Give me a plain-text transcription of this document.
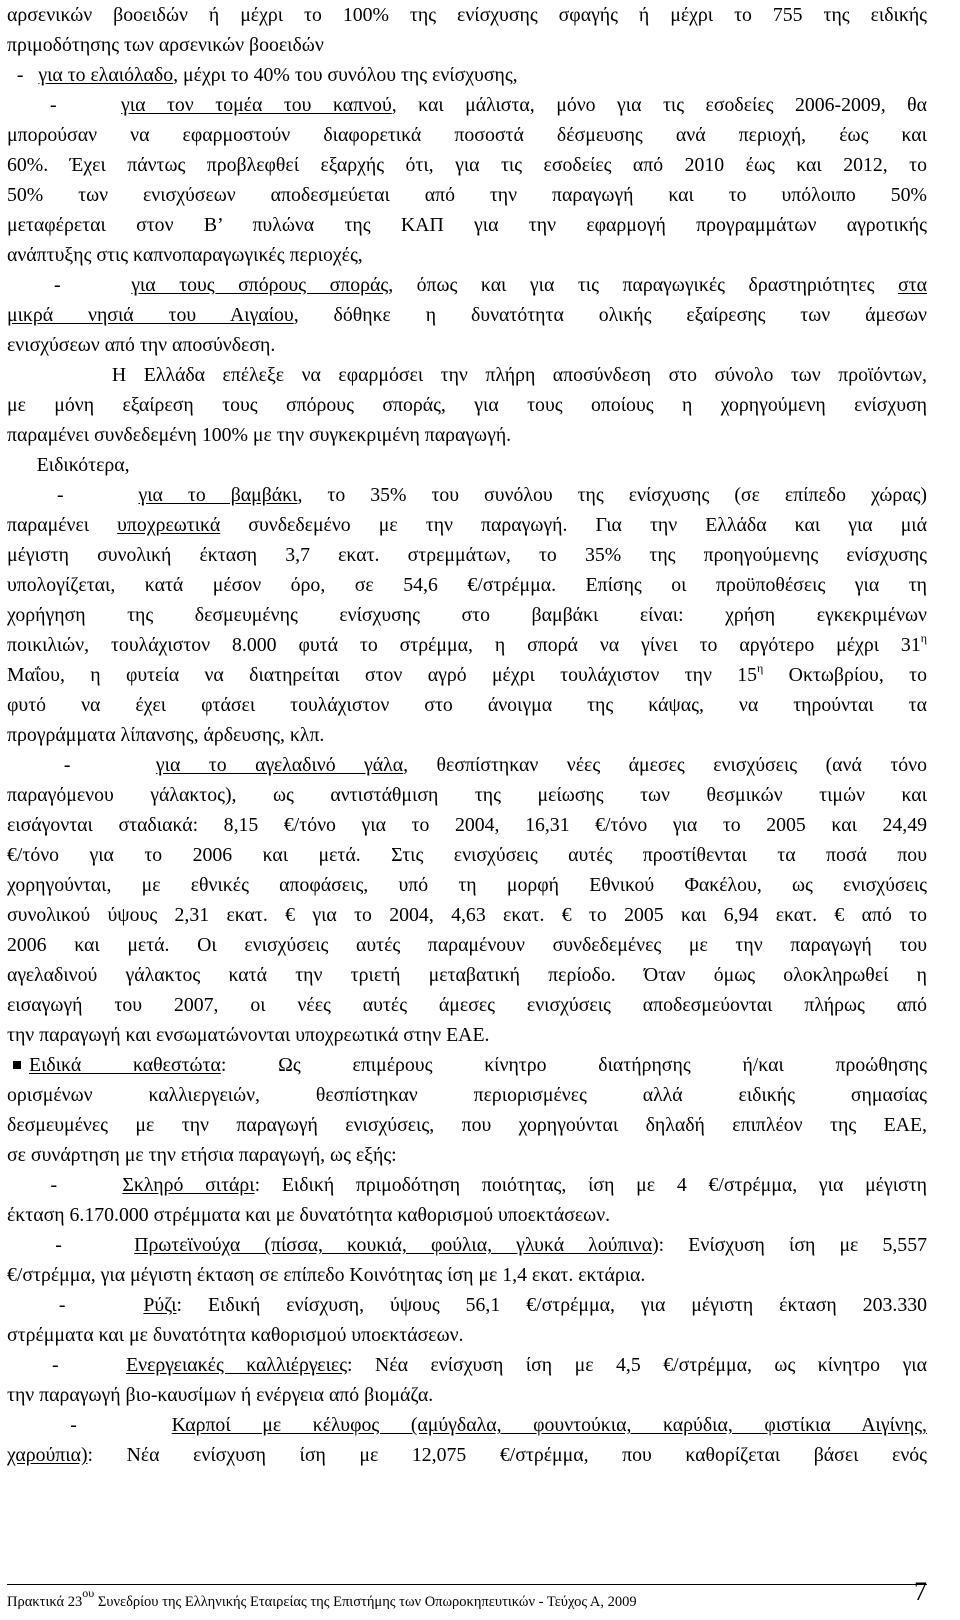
αρσενικών βοοειδών ή μέχρι το 100% της ενίσχυσης σφαγής ή μέχρι το 755 της ειδικής
πριμοδότησης των αρσενικών βοοειδών
-   για το ελαιόλαδο, μέχρι το 40% του συνόλου της ενίσχυσης,
-   για τον τομέα του καπνού, και μάλιστα, μόνο για τις εσοδείες 2006-2009, θα
μπορούσαν να εφαρμοστούν διαφορετικά ποσοστά δέσμευσης ανά περιοχή, έως και
60%. Έχει πάντως προβλεφθεί εξαρχής ότι, για τις εσοδείες από 2010 έως και 2012, το
50% των ενισχύσεων αποδεσμεύεται από την παραγωγή και το υπόλοιπο 50%
μεταφέρεται στον Β’ πυλώνα της ΚΑΠ για την εφαρμογή προγραμμάτων αγροτικής
ανάπτυξης στις καπνοπαραγωγικές περιοχές,
-   για τους σπόρους σποράς, όπως και για τις παραγωγικές δραστηριότητες στα
μικρά νησιά του Αιγαίου, δόθηκε η δυνατότητα ολικής εξαίρεσης των άμεσων
ενισχύσεων από την αποσύνδεση.
Η Ελλάδα επέλεξε να εφαρμόσει την πλήρη αποσύνδεση στο σύνολο των προϊόντων,
με μόνη εξαίρεση τους σπόρους σποράς, για τους οποίους η χορηγούμενη ενίσχυση
παραμένει συνδεδεμένη 100% με την συγκεκριμένη παραγωγή.
Ειδικότερα,
-   για το βαμβάκι, το 35% του συνόλου της ενίσχυσης (σε επίπεδο χώρας)
παραμένει υποχρεωτικά συνδεδεμένο με την παραγωγή. Για την Ελλάδα και για μιά
μέγιστη συνολική έκταση 3,7 εκατ. στρεμμάτων, το 35% της προηγούμενης ενίσχυσης
υπολογίζεται, κατά μέσον όρο, σε 54,6 €/στρέμμα. Επίσης οι προϋποθέσεις για τη
χορήγηση της δεσμευμένης ενίσχυσης στο βαμβάκι είναι: χρήση εγκεκριμένων
ποικιλιών, τουλάχιστον 8.000 φυτά το στρέμμα, η σπορά να γίνει το αργότερο μέχρι $31^\eta$
Μαΐου, η φυτεία να διατηρείται στον αγρό μέχρι τουλάχιστον την $15^\eta$ Οκτωβρίου, το
φυτό να έχει φτάσει τουλάχιστον στο άνοιγμα της κάψας, να τηρούνται τα
προγράμματα λίπανσης, άρδευσης, κλπ.
-   για το αγελαδινό γάλα, θεσπίστηκαν νέες άμεσες ενισχύσεις (ανά τόνο
παραγόμενου γάλακτος), ως αντιστάθμιση της μείωσης των θεσμικών τιμών και
εισάγονται σταδιακά: 8,15 €/τόνο για το 2004, 16,31 €/τόνο για το 2005 και 24,49
€/τόνο για το 2006 και μετά. Στις ενισχύσεις αυτές προστίθενται τα ποσά που
χορηγούνται, με εθνικές αποφάσεις, υπό τη μορφή Εθνικού Φακέλου, ως ενισχύσεις
συνολικού ύψους 2,31 εκατ. € για το 2004, 4,63 εκατ. € το 2005 και 6,94 εκατ. € από το
2006 και μετά. Οι ενισχύσεις αυτές παραμένουν συνδεδεμένες με την παραγωγή του
αγελαδινού γάλακτος κατά την τριετή μεταβατική περίοδο. Όταν όμως ολοκληρωθεί η
εισαγωγή του 2007, οι νέες αυτές άμεσες ενισχύσεις αποδεσμεύονται πλήρως από
την παραγωγή και ενσωματώνονται υποχρεωτικά στην ΕΑΕ.
Ειδικά καθεστώτα: Ως επιμέρους κίνητρο διατήρησης ή/και προώθησης
ορισμένων καλλιεργειών, θεσπίστηκαν περιορισμένες αλλά ειδικής σημασίας
δεσμευμένες με την παραγωγή ενισχύσεις, που χορηγούνται δηλαδή επιπλέον της ΕΑΕ,
σε συνάρτηση με την ετήσια παραγωγή, ως εξής:
-   Σκληρό σιτάρι: Ειδική πριμοδότηση ποιότητας, ίση με 4 €/στρέμμα, για μέγιστη
έκταση 6.170.000 στρέμματα και με δυνατότητα καθορισμού υποεκτάσεων.
-   Πρωτεϊνούχα (πίσσα, κουκιά, φούλια, γλυκά λούπινα): Ενίσχυση ίση με 5,557
€/στρέμμα, για μέγιστη έκταση σε επίπεδο Κοινότητας ίση με 1,4 εκατ. εκτάρια.
-   Ρύζι: Ειδική ενίσχυση, ύψους 56,1 €/στρέμμα, για μέγιστη έκταση 203.330
στρέμματα και με δυνατότητα καθορισμού υποεκτάσεων.
-   Ενεργειακές καλλιέργειες: Νέα ενίσχυση ίση με 4,5 €/στρέμμα, ως κίνητρο για
την παραγωγή βιο-καυσίμων ή ενέργεια από βιομάζα.
-   Καρποί με κέλυφος (αμύγδαλα, φουντούκια, καρύδια, φιστίκια Αιγίνης,
χαρούπια): Νέα ενίσχυση ίση με 12,075 €/στρέμμα, που καθορίζεται βάσει ενός
Πρακτικά $23^{o\upsilon}$ Συνεδρίου της Ελληνικής Εταιρείας της Επιστήμης των Οπωροκηπευτικών - Τεύχος Α, 2009	7
